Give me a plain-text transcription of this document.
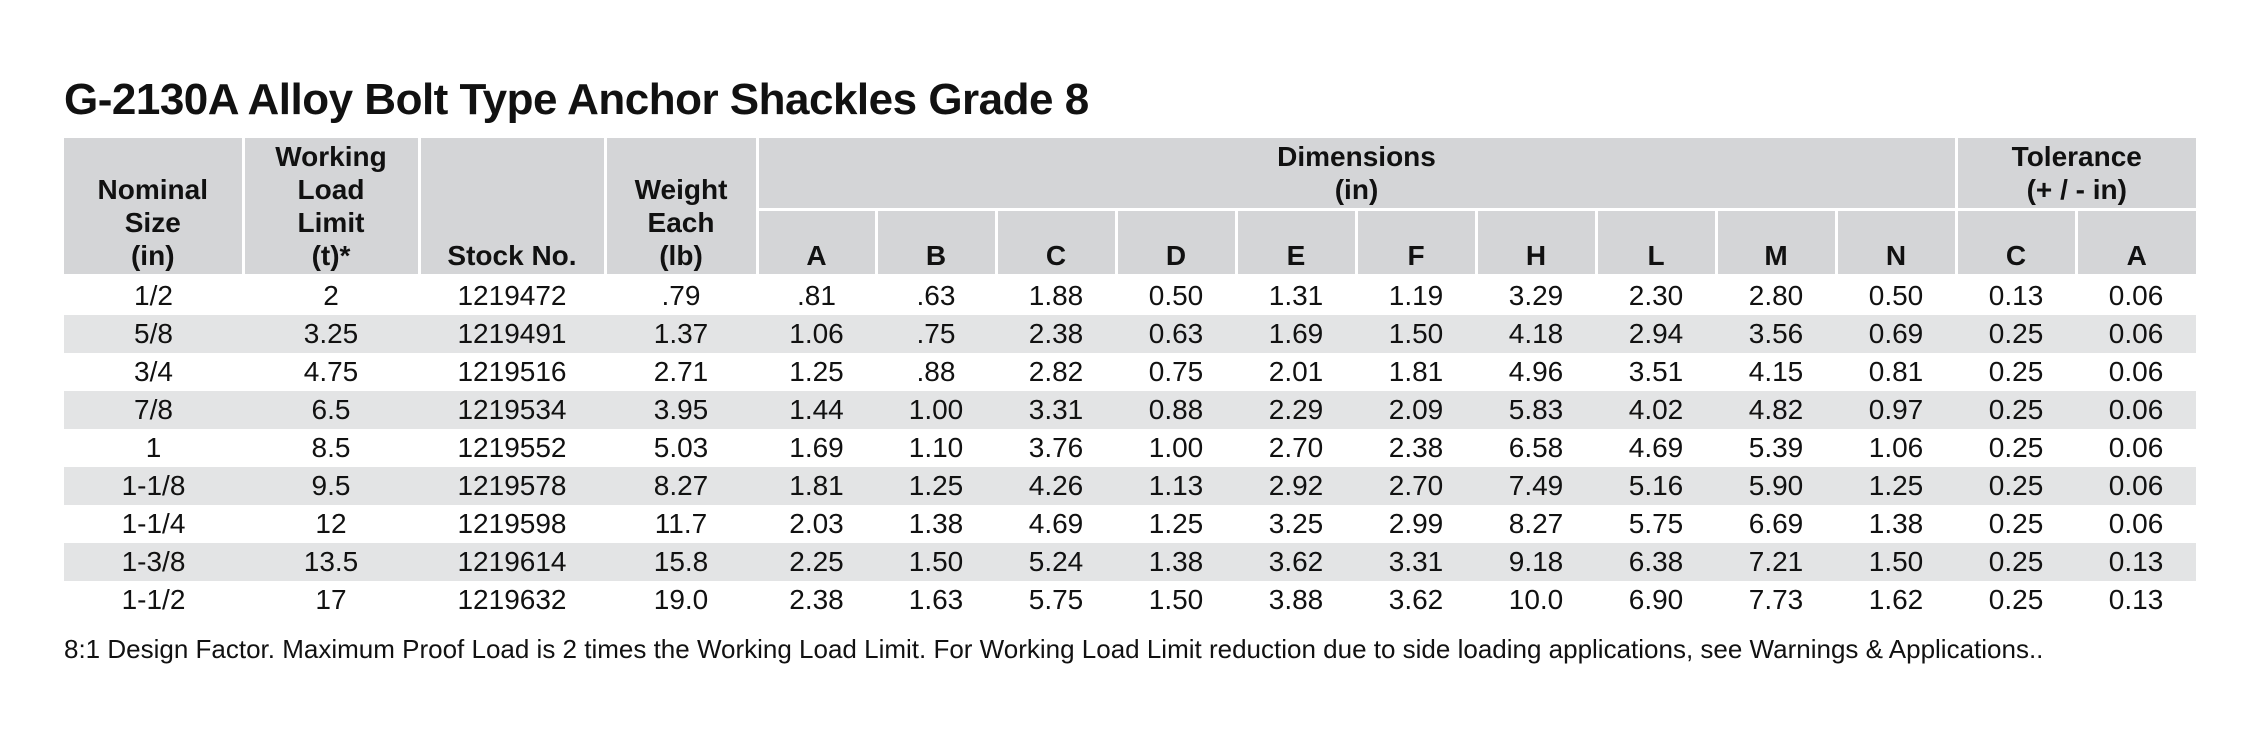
G-2130A Alloy Bolt Type Anchor Shackles Grade 8
Nominal
Size
(in)	Working
Load
Limit
(t)*	Stock No.	Weight
Each
(lb)	Dimensions
(in)										Tolerance
(+ / - in)	
				A	B	C	D	E	F	H	L	M	N	C	A
1/2	2	1219472	.79	.81	.63	1.88	0.50	1.31	1.19	3.29	2.30	2.80	0.50	0.13	0.06
5/8	3.25	1219491	1.37	1.06	.75	2.38	0.63	1.69	1.50	4.18	2.94	3.56	0.69	0.25	0.06
3/4	4.75	1219516	2.71	1.25	.88	2.82	0.75	2.01	1.81	4.96	3.51	4.15	0.81	0.25	0.06
7/8	6.5	1219534	3.95	1.44	1.00	3.31	0.88	2.29	2.09	5.83	4.02	4.82	0.97	0.25	0.06
1	8.5	1219552	5.03	1.69	1.10	3.76	1.00	2.70	2.38	6.58	4.69	5.39	1.06	0.25	0.06
1-1/8	9.5	1219578	8.27	1.81	1.25	4.26	1.13	2.92	2.70	7.49	5.16	5.90	1.25	0.25	0.06
1-1/4	12	1219598	11.7	2.03	1.38	4.69	1.25	3.25	2.99	8.27	5.75	6.69	1.38	0.25	0.06
1-3/8	13.5	1219614	15.8	2.25	1.50	5.24	1.38	3.62	3.31	9.18	6.38	7.21	1.50	0.25	0.13
1-1/2	17	1219632	19.0	2.38	1.63	5.75	1.50	3.88	3.62	10.0	6.90	7.73	1.62	0.25	0.13

8:1 Design Factor. Maximum Proof Load is 2 times the Working Load Limit. For Working Load Limit reduction due to side loading applications, see Warnings & Applications..
